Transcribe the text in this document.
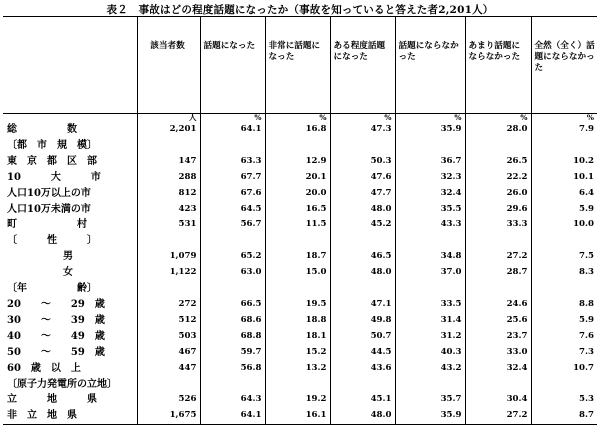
表２　事故はどの程度話題になったか（事故を知っていると答えた者2,201人）
	該当者数	話題になった	非常に話題になった	ある程度話題になった	話題にならなかった	あまり話題にならなかった	全然（全く）話題にならなかった
	人	%	%	%	%	%	%
総　　　　　数	2,201	64.1	16.8	47.3	35.9	28.0	7.9
〔都　市　規　模〕							
東　京　都　区　部	147	63.3	12.9	50.3	36.7	26.5	10.2
10　　　大　　　市	288	67.7	20.1	47.6	32.3	22.2	10.1
人口10万以上の市	812	67.6	20.0	47.7	32.4	26.0	6.4
人口10万未満の市	423	64.5	16.5	48.0	35.5	29.6	5.9
町　　　　　　村	531	56.7	11.5	45.2	43.3	33.3	10.0
〔　　　性　　　〕							
男	1,079	65.2	18.7	46.5	34.8	27.2	7.5
女	1,122	63.0	15.0	48.0	37.0	28.7	8.3
〔年　　　　　齢〕							
20　　～　　29　歳	272	66.5	19.5	47.1	33.5	24.6	8.8
30　　～　　39　歳	512	68.6	18.8	49.8	31.4	25.6	5.9
40　　～　　49　歳	503	68.8	18.1	50.7	31.2	23.7	7.6
50　　～　　59　歳	467	59.7	15.2	44.5	40.3	33.0	7.3
60　歳　以　上	447	56.8	13.2	43.6	43.2	32.4	10.7
〔原子力発電所の立地〕							
立　　　地　　　県	526	64.3	19.2	45.1	35.7	30.4	5.3
非　立　地　県	1,675	64.1	16.1	48.0	35.9	27.2	8.7
